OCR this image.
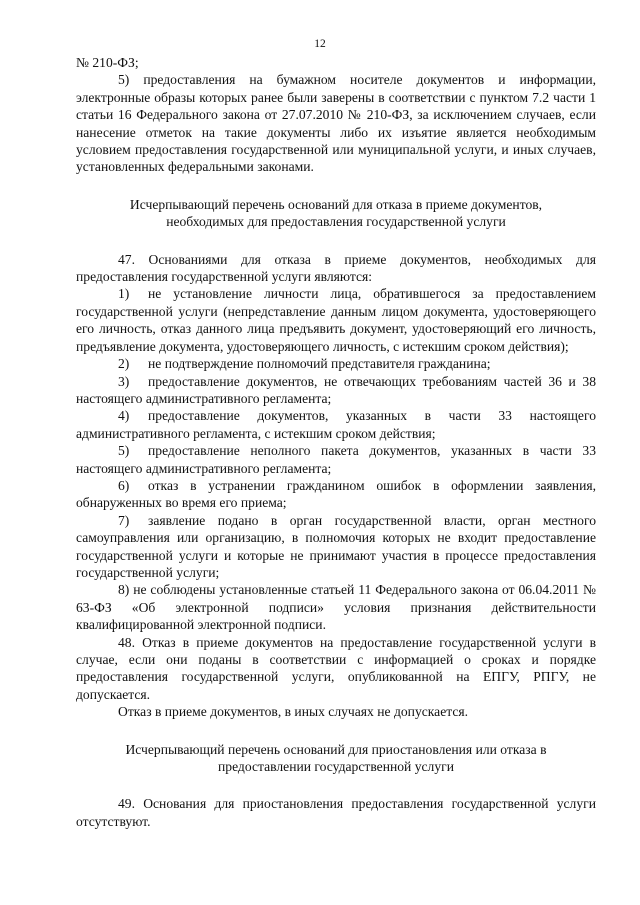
12

№ 210-ФЗ;

5) предоставления на бумажном носителе документов и информации, электронные образы которых ранее были заверены в соответствии с пунктом 7.2 части 1 статьи 16 Федерального закона от 27.07.2010 № 210-ФЗ, за исключением случаев, если нанесение отметок на такие документы либо их изъятие является необходимым условием предоставления государственной или муниципальной услуги, и иных случаев, установленных федеральными законами.

Исчерпывающий перечень оснований для отказа в приеме документов, необходимых для предоставления государственной услуги

47. Основаниями для отказа в приеме документов, необходимых для предоставления государственной услуги являются:

1) не установление личности лица, обратившегося за предоставлением государственной услуги (непредставление данным лицом документа, удостоверяющего его личность, отказ данного лица предъявить документ, удостоверяющий его личность, предъявление документа, удостоверяющего личность, с истекшим сроком действия);

2) не подтверждение полномочий представителя гражданина;

3) предоставление документов, не отвечающих требованиям частей 36 и 38 настоящего административного регламента;

4) предоставление документов, указанных в части 33 настоящего административного регламента, с истекшим сроком действия;

5) предоставление неполного пакета документов, указанных в части 33 настоящего административного регламента;

6) отказ в устранении гражданином ошибок в оформлении заявления, обнаруженных во время его приема;

7) заявление подано в орган государственной власти, орган местного самоуправления или организацию, в полномочия которых не входит предоставление государственной услуги и которые не принимают участия в процессе предоставления государственной услуги;

8) не соблюдены установленные статьей 11 Федерального закона от 06.04.2011 № 63-ФЗ «Об электронной подписи» условия признания действительности квалифицированной электронной подписи.

48. Отказ в приеме документов на предоставление государственной услуги в случае, если они поданы в соответствии с информацией о сроках и порядке предоставления государственной услуги, опубликованной на ЕПГУ, РПГУ, не допускается.

Отказ в приеме документов, в иных случаях не допускается.

Исчерпывающий перечень оснований для приостановления или отказа в предоставлении государственной услуги

49. Основания для приостановления предоставления государственной услуги отсутствуют.
